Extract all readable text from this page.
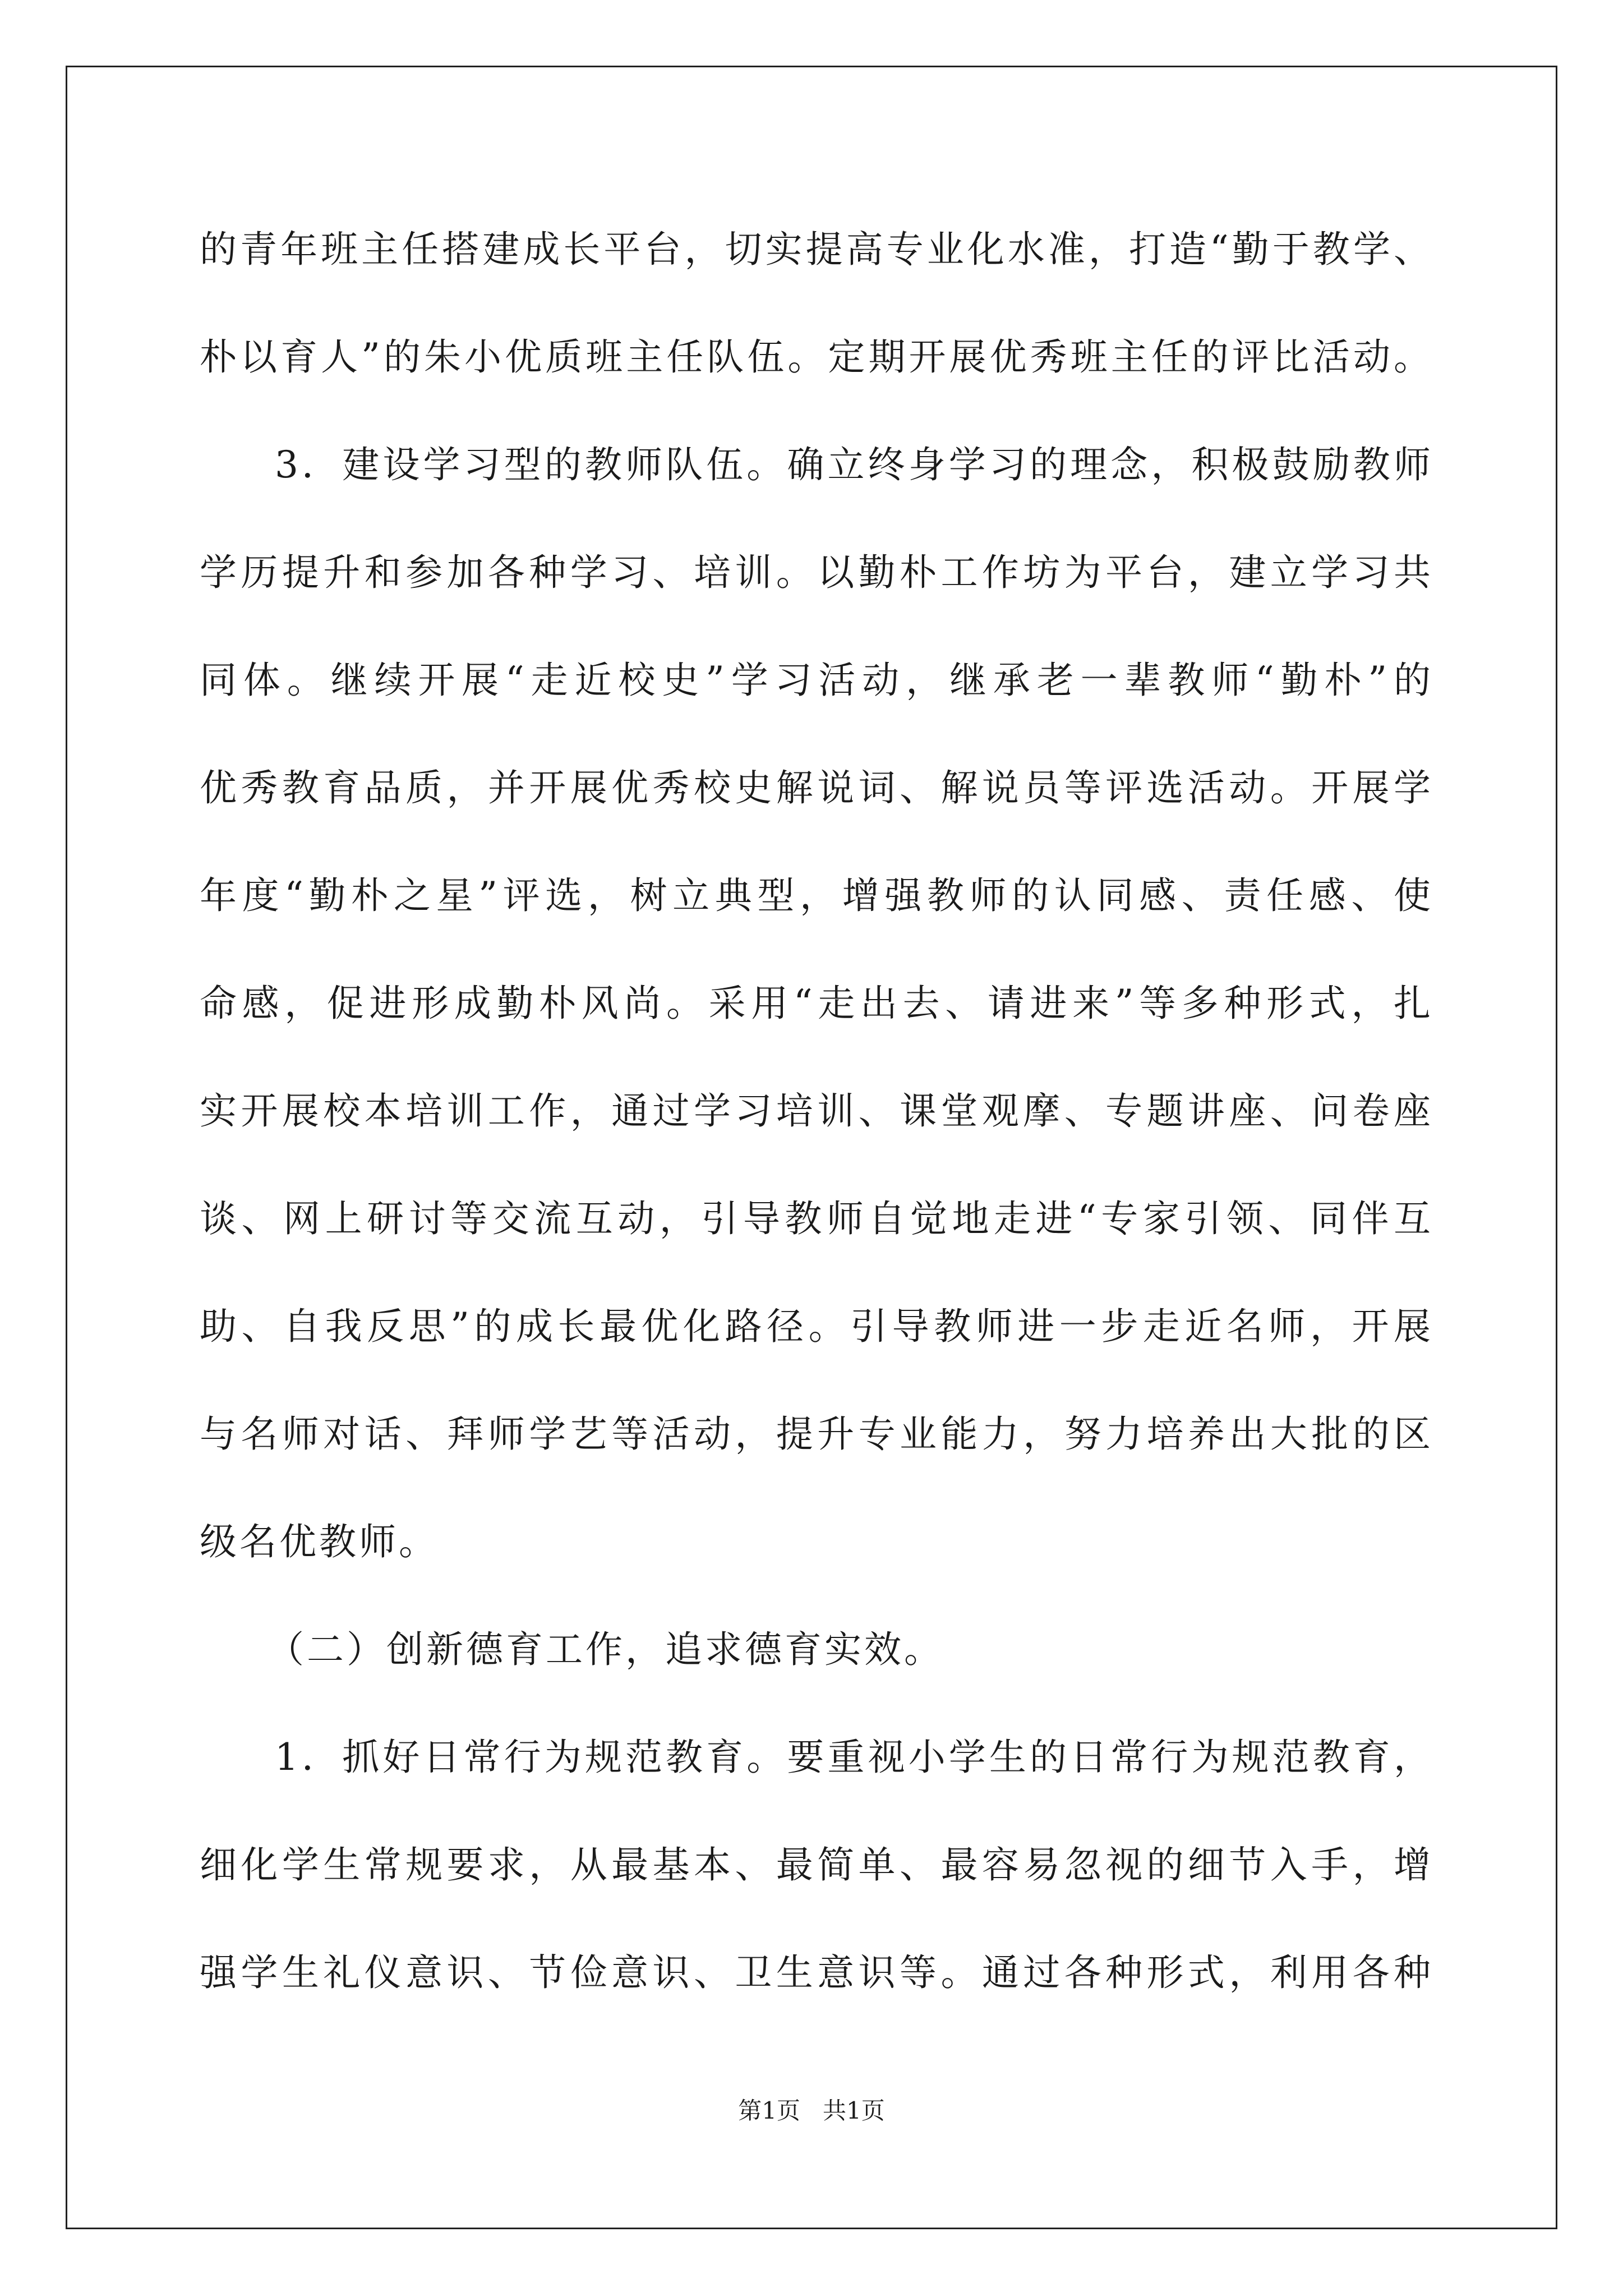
的青年班主任搭建成长平台，切实提高专业化水准，打造“勤于教学、
朴以育人”的朱小优质班主任队伍。定期开展优秀班主任的评比活动。
3．建设学习型的教师队伍。确立终身学习的理念，积极鼓励教师
学历提升和参加各种学习、培训。以勤朴工作坊为平台，建立学习共
同体。继续开展“走近校史”学习活动，继承老一辈教师“勤朴”的
优秀教育品质，并开展优秀校史解说词、解说员等评选活动。开展学
年度“勤朴之星”评选，树立典型，增强教师的认同感、责任感、使
命感，促进形成勤朴风尚。采用“走出去、请进来”等多种形式，扎
实开展校本培训工作，通过学习培训、课堂观摩、专题讲座、问卷座
谈、网上研讨等交流互动，引导教师自觉地走进“专家引领、同伴互
助、自我反思”的成长最优化路径。引导教师进一步走近名师，开展
与名师对话、拜师学艺等活动，提升专业能力，努力培养出大批的区
级名优教师。
（二）创新德育工作，追求德育实效。
1．抓好日常行为规范教育。要重视小学生的日常行为规范教育，
细化学生常规要求，从最基本、最简单、最容易忽视的细节入手，增
强学生礼仪意识、节俭意识、卫生意识等。通过各种形式，利用各种
第1页   共1页
